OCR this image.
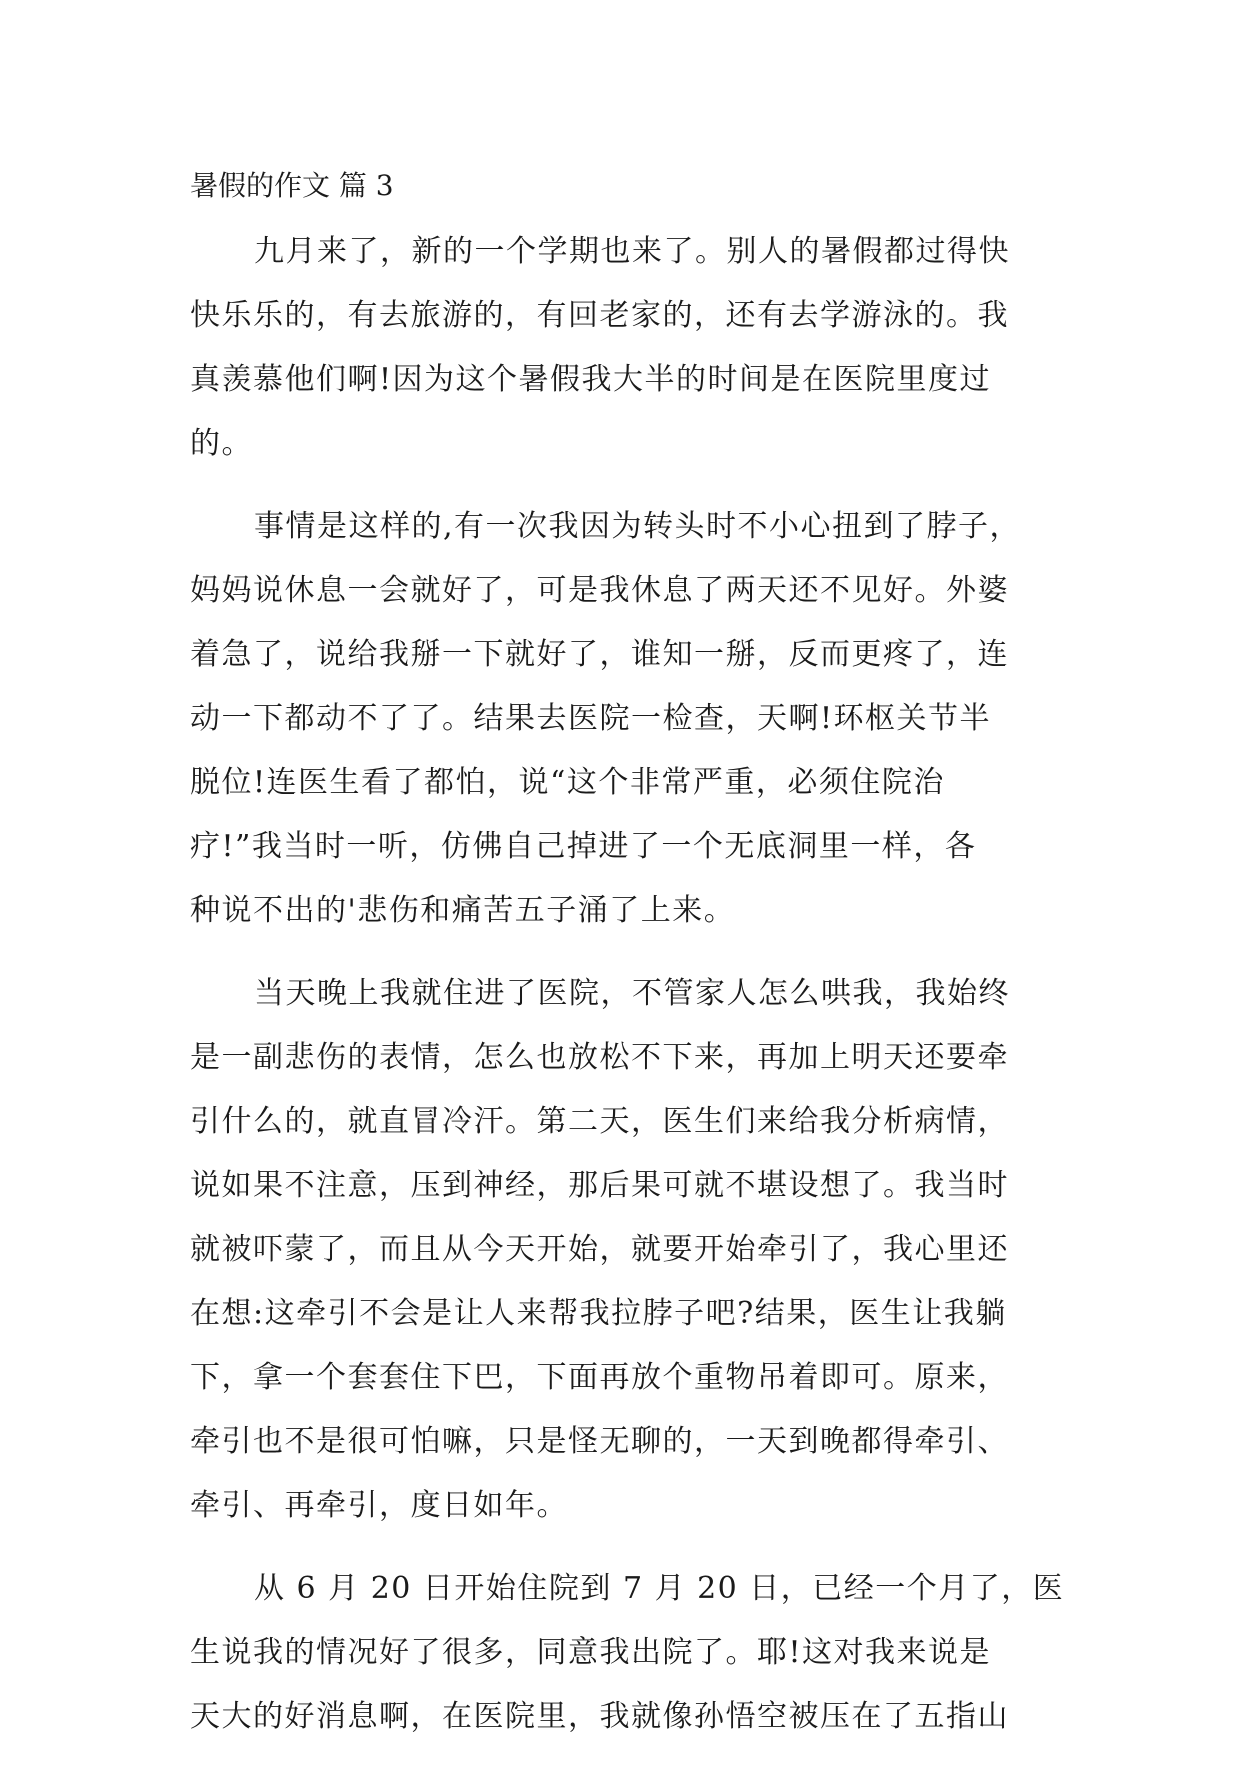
暑假的作文 篇 3

九月来了，新的一个学期也来了。别人的暑假都过得快
快乐乐的，有去旅游的，有回老家的，还有去学游泳的。我
真羡慕他们啊!因为这个暑假我大半的时间是在医院里度过
的。

事情是这样的,有一次我因为转头时不小心扭到了脖子，
妈妈说休息一会就好了，可是我休息了两天还不见好。外婆
着急了，说给我掰一下就好了，谁知一掰，反而更疼了，连
动一下都动不了了。结果去医院一检查，天啊!环枢关节半
脱位!连医生看了都怕，说“这个非常严重，必须住院治
疗!”我当时一听，仿佛自己掉进了一个无底洞里一样，各
种说不出的'悲伤和痛苦五子涌了上来。

当天晚上我就住进了医院，不管家人怎么哄我，我始终
是一副悲伤的表情，怎么也放松不下来，再加上明天还要牵
引什么的，就直冒冷汗。第二天，医生们来给我分析病情，
说如果不注意，压到神经，那后果可就不堪设想了。我当时
就被吓蒙了，而且从今天开始，就要开始牵引了，我心里还
在想:这牵引不会是让人来帮我拉脖子吧?结果，医生让我躺
下，拿一个套套住下巴，下面再放个重物吊着即可。原来，
牵引也不是很可怕嘛，只是怪无聊的，一天到晚都得牵引、
牵引、再牵引，度日如年。

从 6 月 20 日开始住院到 7 月 20 日，已经一个月了，医
生说我的情况好了很多，同意我出院了。耶!这对我来说是
天大的好消息啊，在医院里，我就像孙悟空被压在了五指山
